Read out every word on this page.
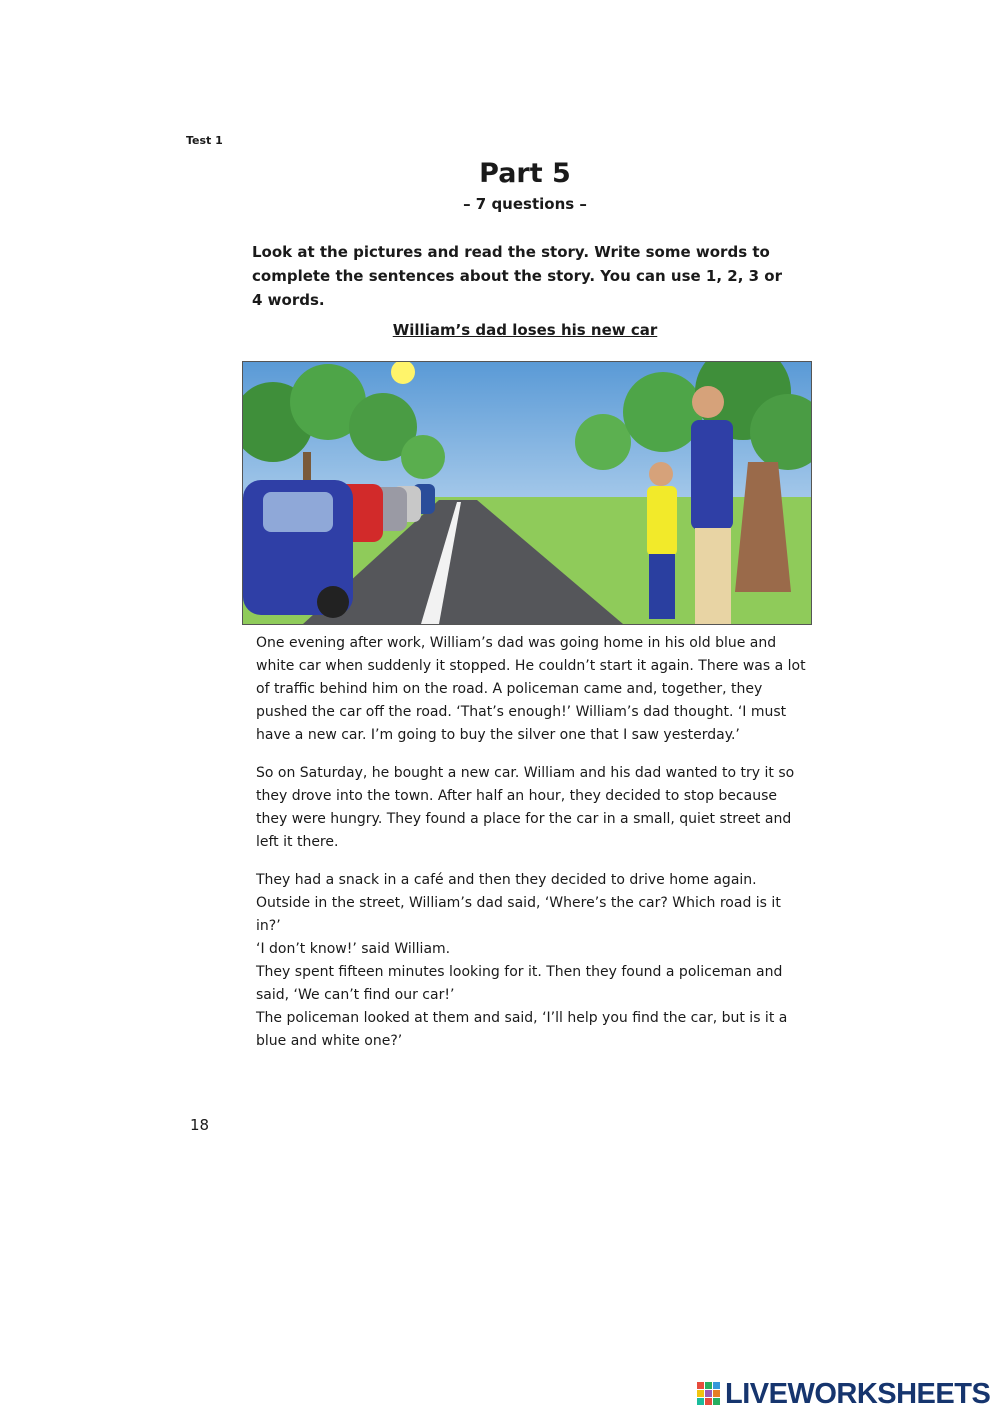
Test 1
Part 5
– 7 questions –
Look at the pictures and read the story. Write some words to complete the sentences about the story. You can use 1, 2, 3 or 4 words.
William’s dad loses his new car

One evening after work, William’s dad was going home in his old blue and white car when suddenly it stopped. He couldn’t start it again. There was a lot of traffic behind him on the road. A policeman came and, together, they pushed the car off the road. ‘That’s enough!’ William’s dad thought. ‘I must have a new car. I’m going to buy the silver one that I saw yesterday.’

So on Saturday, he bought a new car. William and his dad wanted to try it so they drove into the town. After half an hour, they decided to stop because they were hungry. They found a place for the car in a small, quiet street and left it there.

They had a snack in a café and then they decided to drive home again. Outside in the street, William’s dad said, ‘Where’s the car? Which road is it in?’

‘I don’t know!’ said William.

They spent fifteen minutes looking for it. Then they found a policeman and said, ‘We can’t find our car!’

The policeman looked at them and said, ‘I’ll help you find the car, but is it a blue and white one?’

18
LIVEWORKSHEETS
